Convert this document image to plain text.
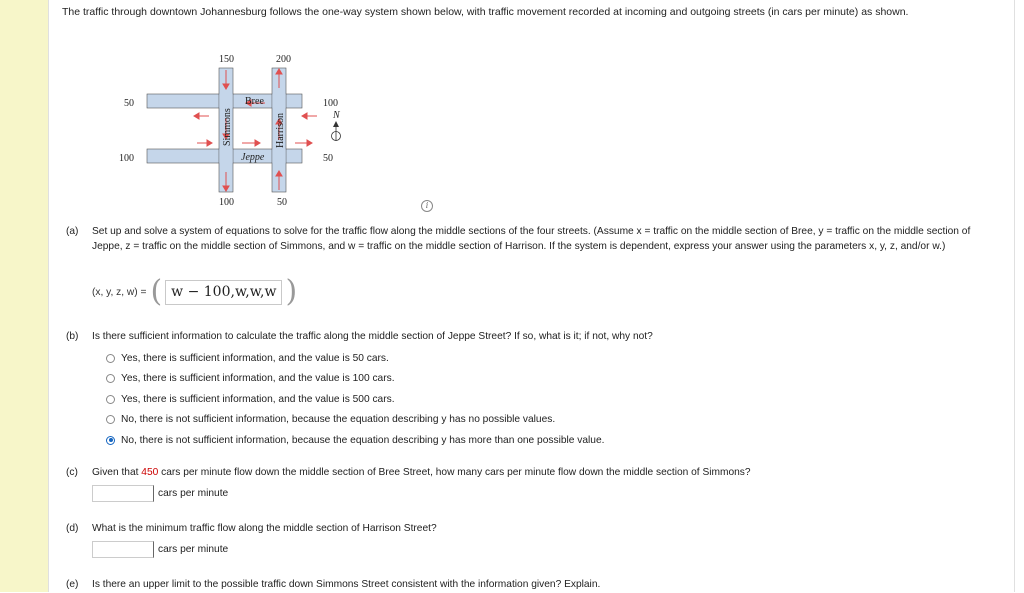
The traffic through downtown Johannesburg follows the one-way system shown below, with traffic movement recorded at incoming and outgoing streets (in cars per minute) as shown.
150	200
50
100
100
50
100	50
Bree
Jeppe
Simmons	Harrison	N
i
(a)	Set up and solve a system of equations to solve for the traffic flow along the middle sections of the four streets. (Assume x = traffic on the middle section of Bree, y = traffic on the middle section of Jeppe, z = traffic on the middle section of Simmons, and w = traffic on the middle section of Harrison. If the system is dependent, express your answer using the parameters x, y, z, and/or w.)
(x, y, z, w) = ( w − 100,w,w,w )
(b) Is there sufficient information to calculate the traffic along the middle section of Jeppe Street? If so, what is it; if not, why not?
Yes, there is sufficient information, and the value is 50 cars.
Yes, there is sufficient information, and the value is 100 cars.
Yes, there is sufficient information, and the value is 500 cars.
No, there is not sufficient information, because the equation describing y has no possible values.
No, there is not sufficient information, because the equation describing y has more than one possible value.
(c) Given that 450 cars per minute flow down the middle section of Bree Street, how many cars per minute flow down the middle section of Simmons?
cars per minute
(d) What is the minimum traffic flow along the middle section of Harrison Street?
cars per minute
(e) Is there an upper limit to the possible traffic down Simmons Street consistent with the information given? Explain.
